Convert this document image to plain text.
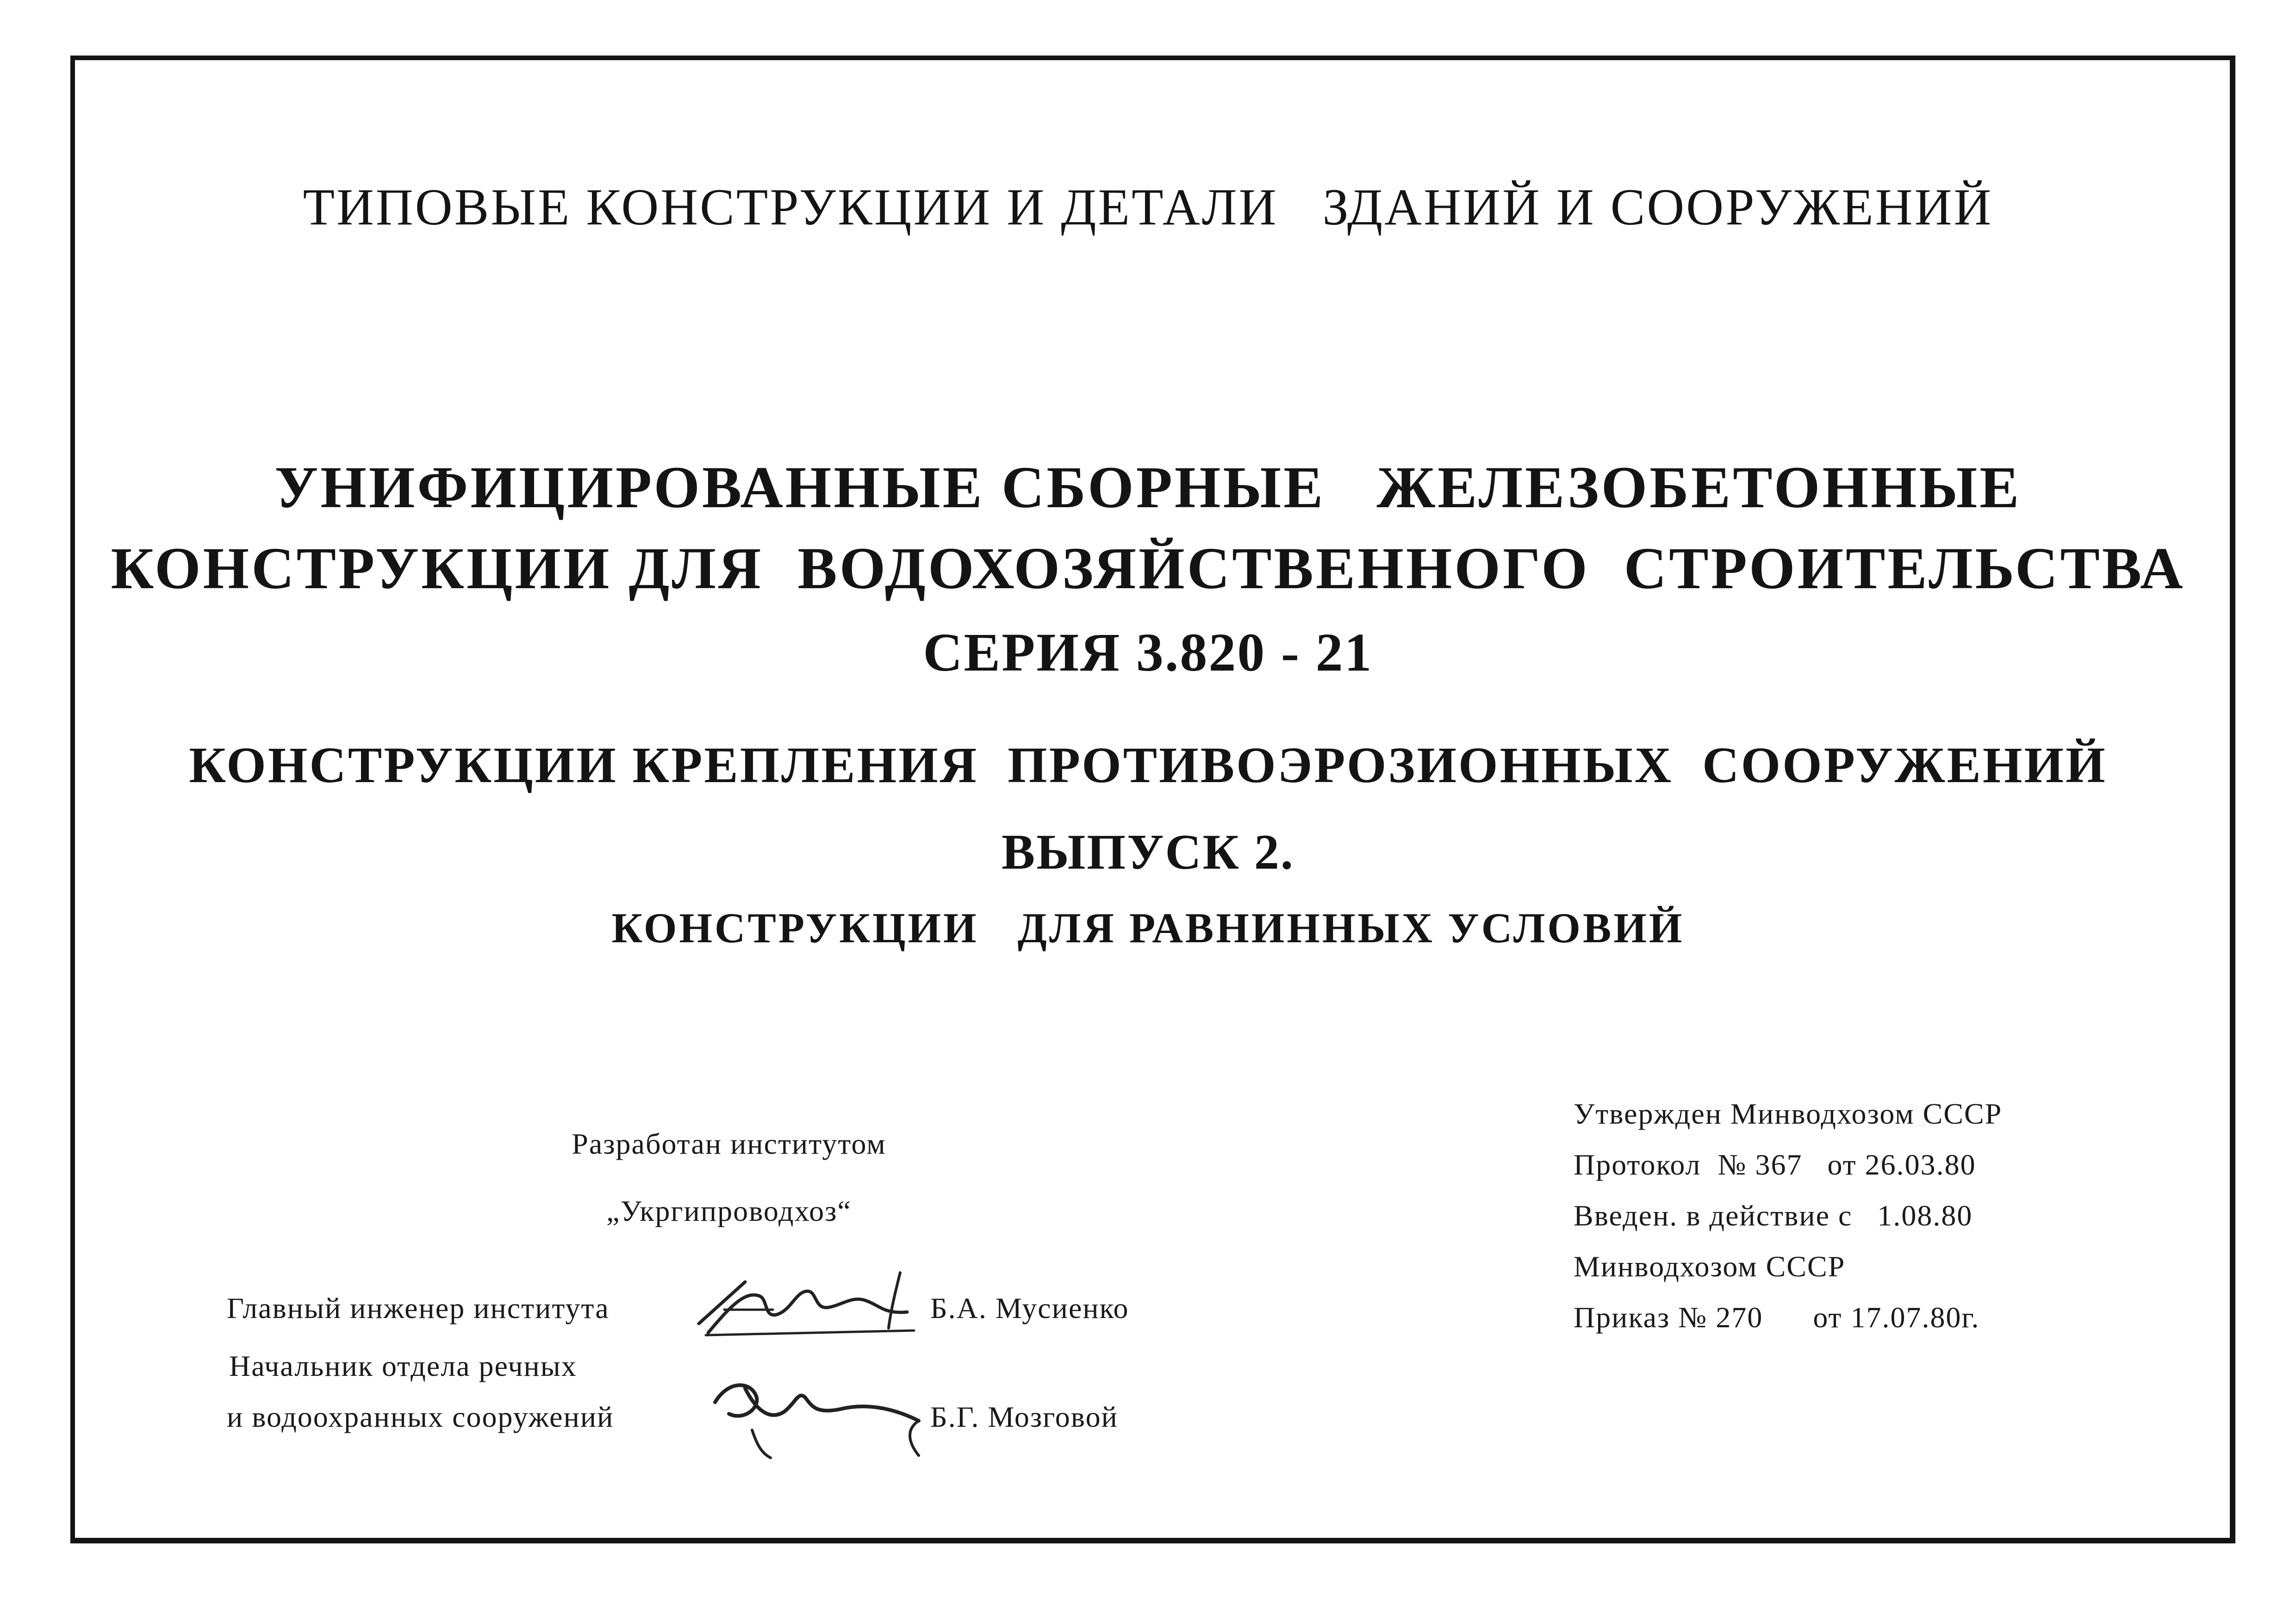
ТИПОВЫЕ КОНСТРУКЦИИ И ДЕТАЛИ   ЗДАНИЙ И СООРУЖЕНИЙ
УНИФИЦИРОВАННЫЕ СБОРНЫЕ   ЖЕЛЕЗОБЕТОННЫЕ
КОНСТРУКЦИИ ДЛЯ  ВОДОХОЗЯЙСТВЕННОГО  СТРОИТЕЛЬСТВА
СЕРИЯ 3.820 - 21
КОНСТРУКЦИИ КРЕПЛЕНИЯ  ПРОТИВОЭРОЗИОННЫХ  СООРУЖЕНИЙ
ВЫПУСК 2.
КОНСТРУКЦИИ   ДЛЯ РАВНИННЫХ УСЛОВИЙ
Разработан институтом
„Укргипроводхоз“
Главный инженер института	Б.А. Мусиенко
Начальник отдела речных
и водоохранных сооружений	Б.Г. Мозговой
Утвержден Минводхозом СССР
Протокол  № 367   от 26.03.80
Введен. в действие с   1.08.80
Минводхозом СССР
Приказ № 270      от 17.07.80г.
